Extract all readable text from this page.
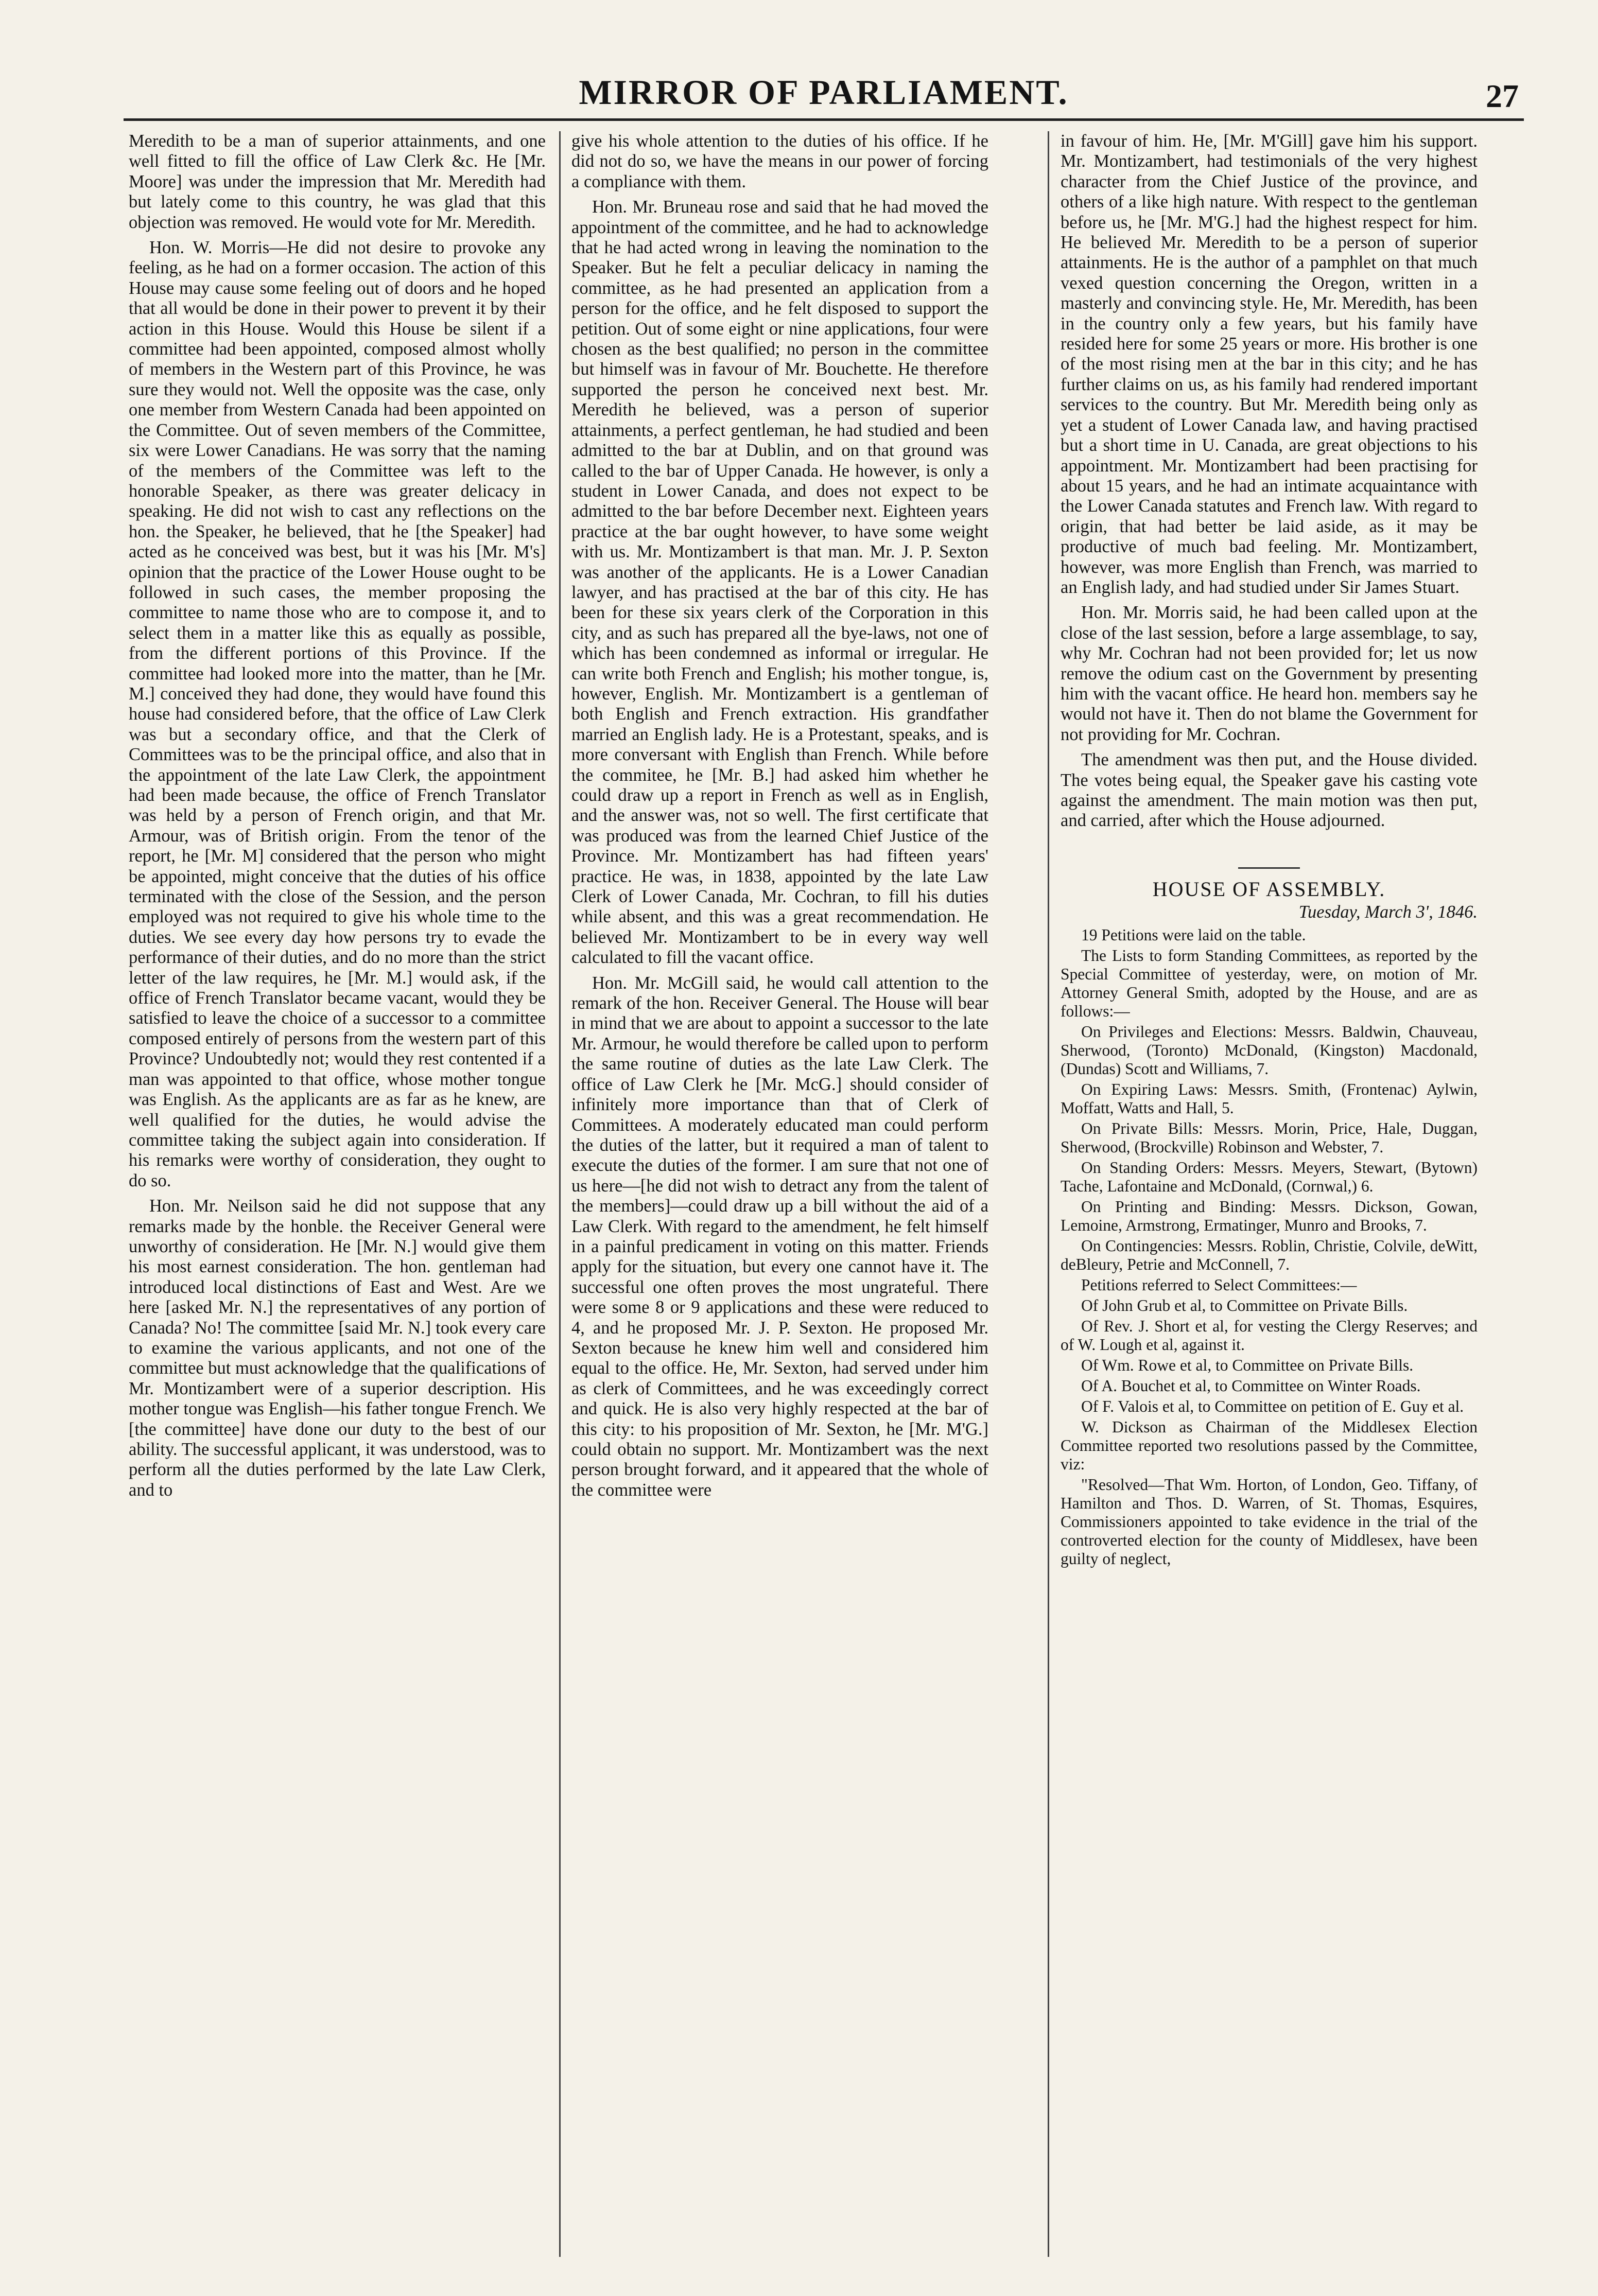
MIRROR OF PARLIAMENT.	27

Meredith to be a man of superior attainments, and one well fitted to fill the office of Law Clerk &c. He [Mr. Moore] was under the impression that Mr. Meredith had but lately come to this country, he was glad that this objection was removed. He would vote for Mr. Meredith.

Hon. W. Morris—He did not desire to provoke any feeling, as he had on a former occasion. The action of this House may cause some feeling out of doors and he hoped that all would be done in their power to prevent it by their action in this House. Would this House be silent if a committee had been appointed, composed almost wholly of members in the Western part of this Province, he was sure they would not. Well the opposite was the case, only one member from Western Canada had been appointed on the Committee. Out of seven members of the Committee, six were Lower Canadians. He was sorry that the naming of the members of the Committee was left to the honorable Speaker, as there was greater delicacy in speaking. He did not wish to cast any reflections on the hon. the Speaker, he believed, that he [the Speaker] had acted as he conceived was best, but it was his [Mr. M's] opinion that the practice of the Lower House ought to be followed in such cases, the member proposing the committee to name those who are to compose it, and to select them in a matter like this as equally as possible, from the different portions of this Province. If the committee had looked more into the matter, than he [Mr. M.] conceived they had done, they would have found this house had considered before, that the office of Law Clerk was but a secondary office, and that the Clerk of Committees was to be the principal office, and also that in the appointment of the late Law Clerk, the appointment had been made because, the office of French Translator was held by a person of French origin, and that Mr. Armour, was of British origin. From the tenor of the report, he [Mr. M] considered that the person who might be appointed, might conceive that the duties of his office terminated with the close of the Session, and the person employed was not required to give his whole time to the duties. We see every day how persons try to evade the performance of their duties, and do no more than the strict letter of the law requires, he [Mr. M.] would ask, if the office of French Translator became vacant, would they be satisfied to leave the choice of a successor to a committee composed entirely of persons from the western part of this Province? Undoubtedly not; would they rest contented if a man was appointed to that office, whose mother tongue was English. As the applicants are as far as he knew, are well qualified for the duties, he would advise the committee taking the subject again into consideration. If his remarks were worthy of consideration, they ought to do so.

Hon. Mr. Neilson said he did not suppose that any remarks made by the honble. the Receiver General were unworthy of consideration. He [Mr. N.] would give them his most earnest consideration. The hon. gentleman had introduced local distinctions of East and West. Are we here [asked Mr. N.] the representatives of any portion of Canada? No! The committee [said Mr. N.] took every care to examine the various applicants, and not one of the committee but must acknowledge that the qualifications of Mr. Montizambert were of a superior description. His mother tongue was English—his father tongue French. We [the committee] have done our duty to the best of our ability. The successful applicant, it was understood, was to perform all the duties performed by the late Law Clerk, and to

give his whole attention to the duties of his office. If he did not do so, we have the means in our power of forcing a compliance with them.

Hon. Mr. Bruneau rose and said that he had moved the appointment of the committee, and he had to acknowledge that he had acted wrong in leaving the nomination to the Speaker. But he felt a peculiar delicacy in naming the committee, as he had presented an application from a person for the office, and he felt disposed to support the petition. Out of some eight or nine applications, four were chosen as the best qualified; no person in the committee but himself was in favour of Mr. Bouchette. He therefore supported the person he conceived next best. Mr. Meredith he believed, was a person of superior attainments, a perfect gentleman, he had studied and been admitted to the bar at Dublin, and on that ground was called to the bar of Upper Canada. He however, is only a student in Lower Canada, and does not expect to be admitted to the bar before December next. Eighteen years practice at the bar ought however, to have some weight with us. Mr. Montizambert is that man. Mr. J. P. Sexton was another of the applicants. He is a Lower Canadian lawyer, and has practised at the bar of this city. He has been for these six years clerk of the Corporation in this city, and as such has prepared all the bye-laws, not one of which has been condemned as informal or irregular. He can write both French and English; his mother tongue, is, however, English. Mr. Montizambert is a gentleman of both English and French extraction. His grandfather married an English lady. He is a Protestant, speaks, and is more conversant with English than French. While before the commitee, he [Mr. B.] had asked him whether he could draw up a report in French as well as in English, and the answer was, not so well. The first certificate that was produced was from the learned Chief Justice of the Province. Mr. Montizambert has had fifteen years' practice. He was, in 1838, appointed by the late Law Clerk of Lower Canada, Mr. Cochran, to fill his duties while absent, and this was a great recommendation. He believed Mr. Montizambert to be in every way well calculated to fill the vacant office.

Hon. Mr. McGill said, he would call attention to the remark of the hon. Receiver General. The House will bear in mind that we are about to appoint a successor to the late Mr. Armour, he would therefore be called upon to perform the same routine of duties as the late Law Clerk. The office of Law Clerk he [Mr. McG.] should consider of infinitely more importance than that of Clerk of Committees. A moderately educated man could perform the duties of the latter, but it required a man of talent to execute the duties of the former. I am sure that not one of us here—[he did not wish to detract any from the talent of the members]—could draw up a bill without the aid of a Law Clerk. With regard to the amendment, he felt himself in a painful predicament in voting on this matter. Friends apply for the situation, but every one cannot have it. The successful one often proves the most ungrateful. There were some 8 or 9 applications and these were reduced to 4, and he proposed Mr. J. P. Sexton. He proposed Mr. Sexton because he knew him well and considered him equal to the office. He, Mr. Sexton, had served under him as clerk of Committees, and he was exceedingly correct and quick. He is also very highly respected at the bar of this city: to his proposition of Mr. Sexton, he [Mr. M'G.] could obtain no support. Mr. Montizambert was the next person brought forward, and it appeared that the whole of the committee were

in favour of him. He, [Mr. M'Gill] gave him his support. Mr. Montizambert, had testimonials of the very highest character from the Chief Justice of the province, and others of a like high nature. With respect to the gentleman before us, he [Mr. M'G.] had the highest respect for him. He believed Mr. Meredith to be a person of superior attainments. He is the author of a pamphlet on that much vexed question concerning the Oregon, written in a masterly and convincing style. He, Mr. Meredith, has been in the country only a few years, but his family have resided here for some 25 years or more. His brother is one of the most rising men at the bar in this city; and he has further claims on us, as his family had rendered important services to the country. But Mr. Meredith being only as yet a student of Lower Canada law, and having practised but a short time in U. Canada, are great objections to his appointment. Mr. Montizambert had been practising for about 15 years, and he had an intimate acquaintance with the Lower Canada statutes and French law. With regard to origin, that had better be laid aside, as it may be productive of much bad feeling. Mr. Montizambert, however, was more English than French, was married to an English lady, and had studied under Sir James Stuart.

Hon. Mr. Morris said, he had been called upon at the close of the last session, before a large assemblage, to say, why Mr. Cochran had not been provided for; let us now remove the odium cast on the Government by presenting him with the vacant office. He heard hon. members say he would not have it. Then do not blame the Government for not providing for Mr. Cochran.

The amendment was then put, and the House divided. The votes being equal, the Speaker gave his casting vote against the amendment. The main motion was then put, and carried, after which the House adjourned.

HOUSE OF ASSEMBLY.
Tuesday, March 3', 1846.

19 Petitions were laid on the table.

The Lists to form Standing Committees, as reported by the Special Committee of yesterday, were, on motion of Mr. Attorney General Smith, adopted by the House, and are as follows:—

On Privileges and Elections: Messrs. Baldwin, Chauveau, Sherwood, (Toronto) McDonald, (Kingston) Macdonald, (Dundas) Scott and Williams, 7.

On Expiring Laws: Messrs. Smith, (Frontenac) Aylwin, Moffatt, Watts and Hall, 5.

On Private Bills: Messrs. Morin, Price, Hale, Duggan, Sherwood, (Brockville) Robinson and Webster, 7.

On Standing Orders: Messrs. Meyers, Stewart, (Bytown) Tache, Lafontaine and McDonald, (Cornwal,) 6.

On Printing and Binding: Messrs. Dickson, Gowan, Lemoine, Armstrong, Ermatinger, Munro and Brooks, 7.

On Contingencies: Messrs. Roblin, Christie, Colvile, deWitt, deBleury, Petrie and McConnell, 7.

Petitions referred to Select Committees:—

Of John Grub et al, to Committee on Private Bills.

Of Rev. J. Short et al, for vesting the Clergy Reserves; and of W. Lough et al, against it.

Of Wm. Rowe et al, to Committee on Private Bills.

Of A. Bouchet et al, to Committee on Winter Roads.

Of F. Valois et al, to Committee on petition of E. Guy et al.

W. Dickson as Chairman of the Middlesex Election Committee reported two resolutions passed by the Committee, viz:

"Resolved—That Wm. Horton, of London, Geo. Tiffany, of Hamilton and Thos. D. Warren, of St. Thomas, Esquires, Commissioners appointed to take evidence in the trial of the controverted election for the county of Middlesex, have been guilty of neglect,
